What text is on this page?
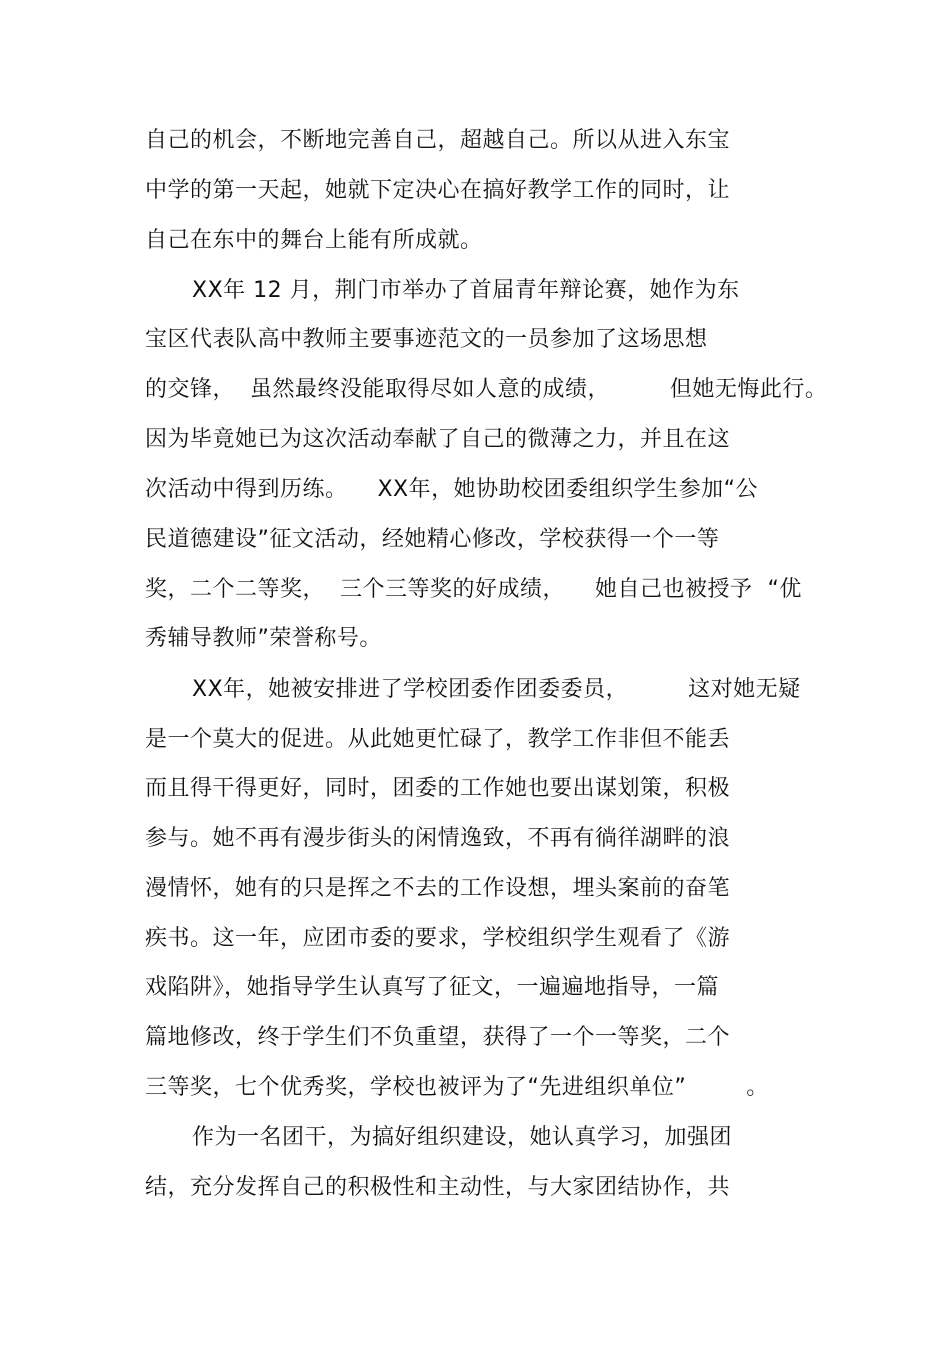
自己的机会，不断地完善自己，超越自己。所以从进入东宝
中学的第一天起，她就下定决心在搞好教学工作的同时，让
自己在东中的舞台上能有所成就。
XX年 12 月，荆门市举办了首届青年辩论赛，她作为东
宝区代表队高中教师主要事迹范文的一员参加了这场思想
的交锋，  虽然最终没能取得尽如人意的成绩，        但她无悔此行。
因为毕竟她已为这次活动奉献了自己的微薄之力，并且在这
次活动中得到历练。    XX年，她协助校团委组织学生参加“公
民道德建设”征文活动，经她精心修改，学校获得一个一等
奖，二个二等奖，  三个三等奖的好成绩，    她自己也被授予  “优
秀辅导教师”荣誉称号。
XX年，她被安排进了学校团委作团委委员，        这对她无疑
是一个莫大的促进。从此她更忙碌了，教学工作非但不能丢
而且得干得更好，同时，团委的工作她也要出谋划策，积极
参与。她不再有漫步街头的闲情逸致，不再有徜徉湖畔的浪
漫情怀，她有的只是挥之不去的工作设想，埋头案前的奋笔
疾书。这一年，应团市委的要求，学校组织学生观看了《游
戏陷阱》，她指导学生认真写了征文，一遍遍地指导，一篇
篇地修改，终于学生们不负重望，获得了一个一等奖，二个
三等奖，七个优秀奖，学校也被评为了“先进组织单位”        。
作为一名团干，为搞好组织建设，她认真学习，加强团
结，充分发挥自己的积极性和主动性，与大家团结协作，共
